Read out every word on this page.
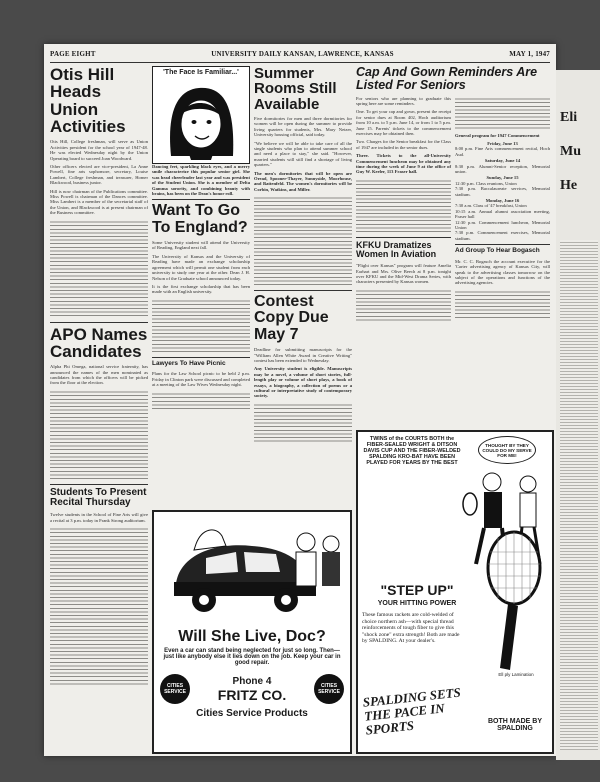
PAGE EIGHT	UNIVERSITY DAILY KANSAN, LAWRENCE, KANSAS	MAY 1, 1947
Otis Hill Heads Union Activities

Otis Hill, College freshman, will serve as Union Activities president for the school year of 1947-48. He was elected Wednesday night by the Union Operating board to succeed Joan Woodward.

Other officers elected are vice-president, La Anne Powell, fine arts sophomore, secretary, Louise Lambert, College freshman, and treasurer, Homer Blackwood, business junior.

Hill is now chairman of the Publications committee. Miss Powell is chairman of the Dances committee. Miss Lambert is a member of the secretarial staff of the Union, and Blackwood is at present chairman of the Business committee.

APO Names Candidates

Alpha Phi Omega, national service fraternity, has announced the names of the men nominated as candidates from which the officers will be picked from the floor at the election.

Students To Present Recital Thursday

Twelve students in the School of Fine Arts will give a recital at 3 p.m. today in Frank Strong auditorium.

'The Face Is Familiar...'

Dancing feet, sparkling black eyes, and a merry smile characterize this popular senior girl. She was head cheerleader last year and was president of the Student Union. She is a member of Delta Gamma sorority, and combining beauty with brains, has been on the Dean's honor roll.

Want To Go To England?

Some University student will attend the University of Reading, England next fall.

The University of Kansas and the University of Reading have made an exchange scholarship agreement which will permit one student from each university to study one year at the other. Dean J. H. Nelson of the Graduate school announced today.

It is the first exchange scholarship that has been made with an English university.

Lawyers To Have Picnic

Plans for the Law School picnic to be held 2 p.m. Friday in Clinton park were discussed and completed at a meeting of the Law Wives Wednesday night.

Summer Rooms Still Available

Five dormitories for men and three dormitories for women will be open during the summer to provide living quarters for students, Mrs. Mary Netzer, University housing official, said today.

"We believe we will be able to take care of all the single students who plan to attend summer school and need a place to stay," she said. "However, married students will still find a shortage of living quarters."

The men's dormitories that will be open are Oread, Spooner-Thayer, Sunnyside, Moorhouse, and Battenfeld. The women's dormitories will be Corbin, Watkins, and Miller.

Contest Copy Due May 7

Deadline for submitting manuscripts for the "William Allen White Award in Creative Writing" contest has been extended to Wednesday.

Any University student is eligible. Manuscripts may be a novel, a volume of short stories, full-length play or volume of short plays, a book of essays, a biography, a collection of poems or a cultural or interpretative study of contemporary society.

Cap And Gown Reminders Are Listed For Seniors

For seniors who are planning to graduate this spring here are some reminders.

One. To get your cap and gown, present the receipt for senior dues at Room 402, Hoch auditorium from 10 a.m. to 5 p.m. June 14, or from 1 to 5 p.m. June 15. Parents' tickets to the commencement exercises may be obtained then.

Two. Charges for the Senior breakfast for the Class of 1947 are included in the senior dues.

Three. Tickets to the all-University Commencement luncheon may be obtained any time during the week of June 9 at the office of Guy W. Keeler, 113 Fraser hall.

KFKU Dramatizes Women In Aviation

"Flight over Kansas" program will feature Amelia Earhart and Mrs. Olive Beech at 8 p.m. tonight over KFKU and the Mid-West Drama Series, with characters presented by Kansas women.

General program for 1947 Commencement

Friday, June 13

8:00 p.m. Fine Arts commencement recital, Hoch Aud.

Saturday, June 14

8:30 p.m. Alumni-Senior reception, Memorial union.

Sunday, June 15

12:30 p.m. Class reunions, Union

7:30 p.m. Baccalaureate services, Memorial stadium.

Monday, June 16

7:30 a.m. Class of '47 breakfast, Union

10:15 a.m. Annual alumni association meeting, Fraser hall

12:30 p.m. Commencement luncheon, Memorial Union

7:30 p.m. Commencement exercises, Memorial stadium.

Ad Group To Hear Bogasch

Mr. C. C. Bogasch the account executive for the 'Carter advertising agency of Kansas City, will speak to the advertising classes tomorrow on the subject of the operations and functions of the advertising agencies.

Will She Live, Doc?
Even a car can stand being neglected for just so long. Then—just like anybody else it lies down on the job. Keep your car in good repair.
CITIES SERVICE
Phone 4
FRITZ CO.
CITIES SERVICE
Cities Service Products
TWINS of the COURTS BOTH the FIBER-SEALED WRIGHT & DITSON DAVIS CUP AND THE FIBER-WELDED SPALDING KRO-BAT HAVE BEEN PLAYED FOR YEARS BY THE BEST
THOUGHT BY THEY COULD DO MY SERVE FOR ME!
"STEP UP"
YOUR HITTING POWER
These famous rackets are cold-welded of choice northern ash—with special thread reinforcements of tough fiber to give this "shock zone" extra strength! Both are made by SPALDING. At your dealer's.
Ell ply Lamination
SPALDING SETS THE PACE IN SPORTS	BOTH MADE BY SPALDING
Eli
Mu
He
